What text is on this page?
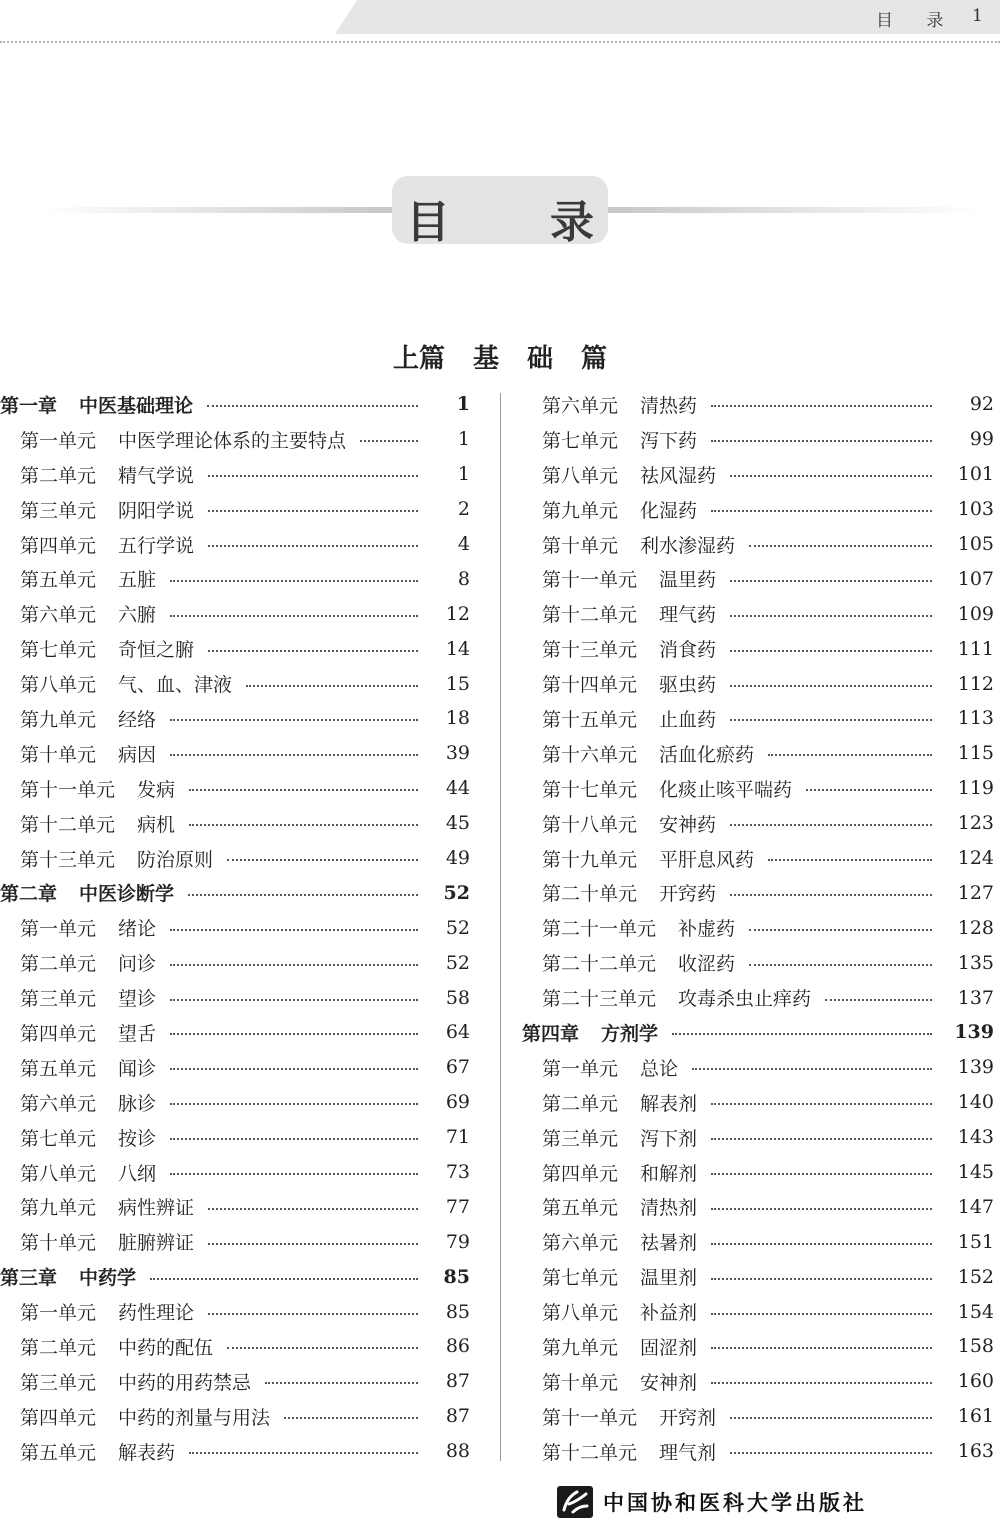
目 录 1
目 录
上篇 基础篇
第一章 中医基础理论	1
第一单元 中医学理论体系的主要特点	1
第二单元 精气学说	1
第三单元 阴阳学说	2
第四单元 五行学说	4
第五单元 五脏	8
第六单元 六腑	12
第七单元 奇恒之腑	14
第八单元 气、血、津液	15
第九单元 经络	18
第十单元 病因	39
第十一单元 发病	44
第十二单元 病机	45
第十三单元 防治原则	49
第二章 中医诊断学	52
第一单元 绪论	52
第二单元 问诊	52
第三单元 望诊	58
第四单元 望舌	64
第五单元 闻诊	67
第六单元 脉诊	69
第七单元 按诊	71
第八单元 八纲	73
第九单元 病性辨证	77
第十单元 脏腑辨证	79
第三章 中药学	85
第一单元 药性理论	85
第二单元 中药的配伍	86
第三单元 中药的用药禁忌	87
第四单元 中药的剂量与用法	87
第五单元 解表药	88
第六单元 清热药	92
第七单元 泻下药	99
第八单元 祛风湿药	101
第九单元 化湿药	103
第十单元 利水渗湿药	105
第十一单元 温里药	107
第十二单元 理气药	109
第十三单元 消食药	111
第十四单元 驱虫药	112
第十五单元 止血药	113
第十六单元 活血化瘀药	115
第十七单元 化痰止咳平喘药	119
第十八单元 安神药	123
第十九单元 平肝息风药	124
第二十单元 开窍药	127
第二十一单元 补虚药	128
第二十二单元 收涩药	135
第二十三单元 攻毒杀虫止痒药	137
第四章 方剂学	139
第一单元 总论	139
第二单元 解表剂	140
第三单元 泻下剂	143
第四单元 和解剂	145
第五单元 清热剂	147
第六单元 祛暑剂	151
第七单元 温里剂	152
第八单元 补益剂	154
第九单元 固涩剂	158
第十单元 安神剂	160
第十一单元 开窍剂	161
第十二单元 理气剂	163
中国协和医科大学出版社
